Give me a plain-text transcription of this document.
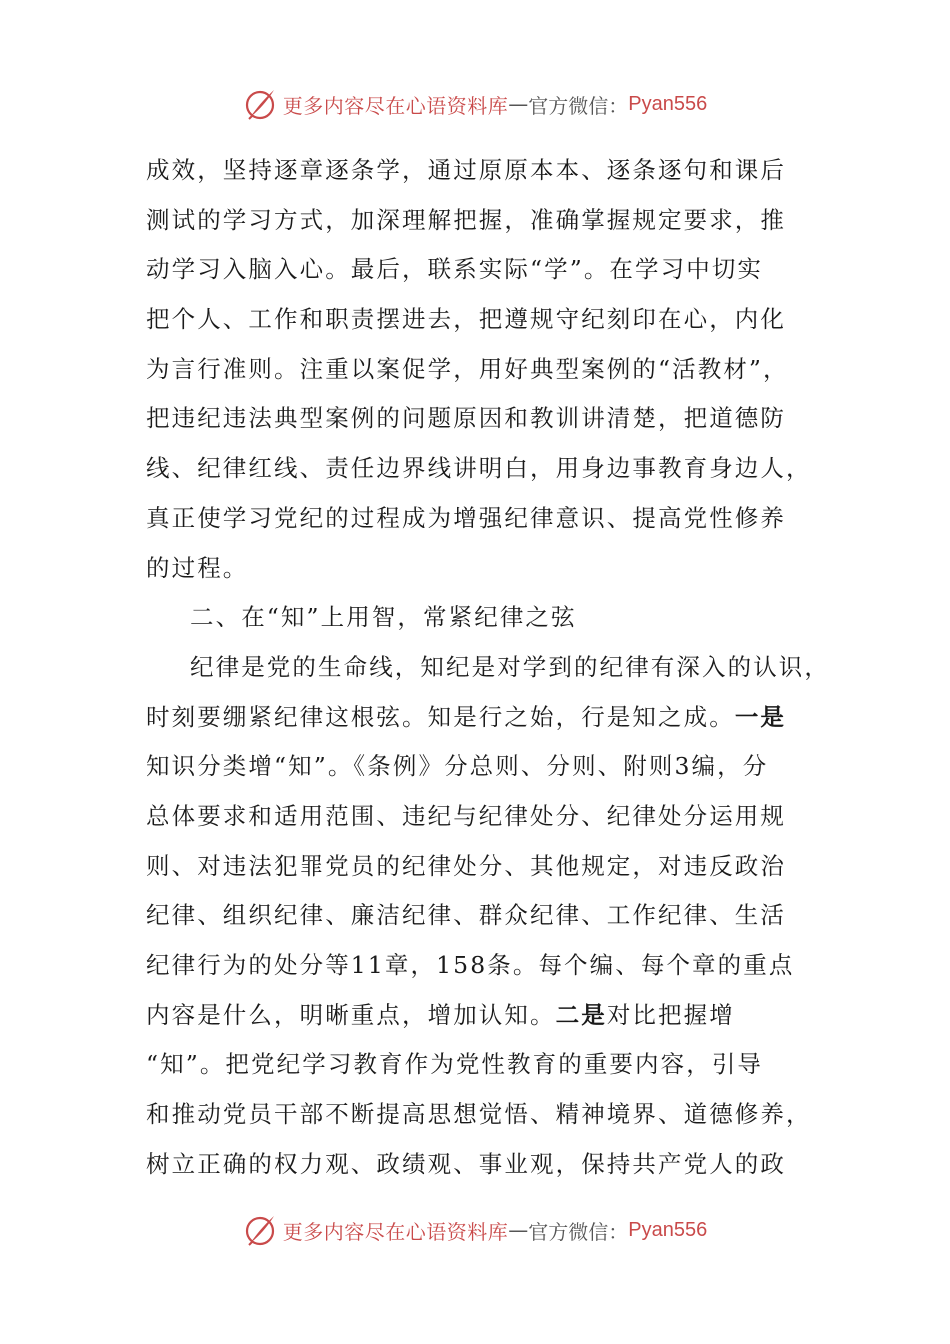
更多内容尽在心语资料库 — 官方微信： Pyan556
成效，坚持逐章逐条学，通过原原本本、逐条逐句和课后
测试的学习方式，加深理解把握，准确掌握规定要求，推
动学习入脑入心。最后，联系实际“学”。在学习中切实
把个人、工作和职责摆进去，把遵规守纪刻印在心，内化
为言行准则。注重以案促学，用好典型案例的“活教材”，
把违纪违法典型案例的问题原因和教训讲清楚，把道德防
线、纪律红线、责任边界线讲明白，用身边事教育身边人，
真正使学习党纪的过程成为增强纪律意识、提高党性修养
的过程。
二、在“知”上用智，常紧纪律之弦
纪律是党的生命线，知纪是对学到的纪律有深入的认识，
时刻要绷紧纪律这根弦。知是行之始，行是知之成。一是
知识分类增“知”。《条例》分总则、分则、附则3编，分
总体要求和适用范围、违纪与纪律处分、纪律处分运用规
则、对违法犯罪党员的纪律处分、其他规定，对违反政治
纪律、组织纪律、廉洁纪律、群众纪律、工作纪律、生活
纪律行为的处分等11章，158条。每个编、每个章的重点
内容是什么，明晰重点，增加认知。二是对比把握增
“知”。把党纪学习教育作为党性教育的重要内容，引导
和推动党员干部不断提高思想觉悟、精神境界、道德修养，
树立正确的权力观、政绩观、事业观，保持共产党人的政
更多内容尽在心语资料库 — 官方微信： Pyan556
